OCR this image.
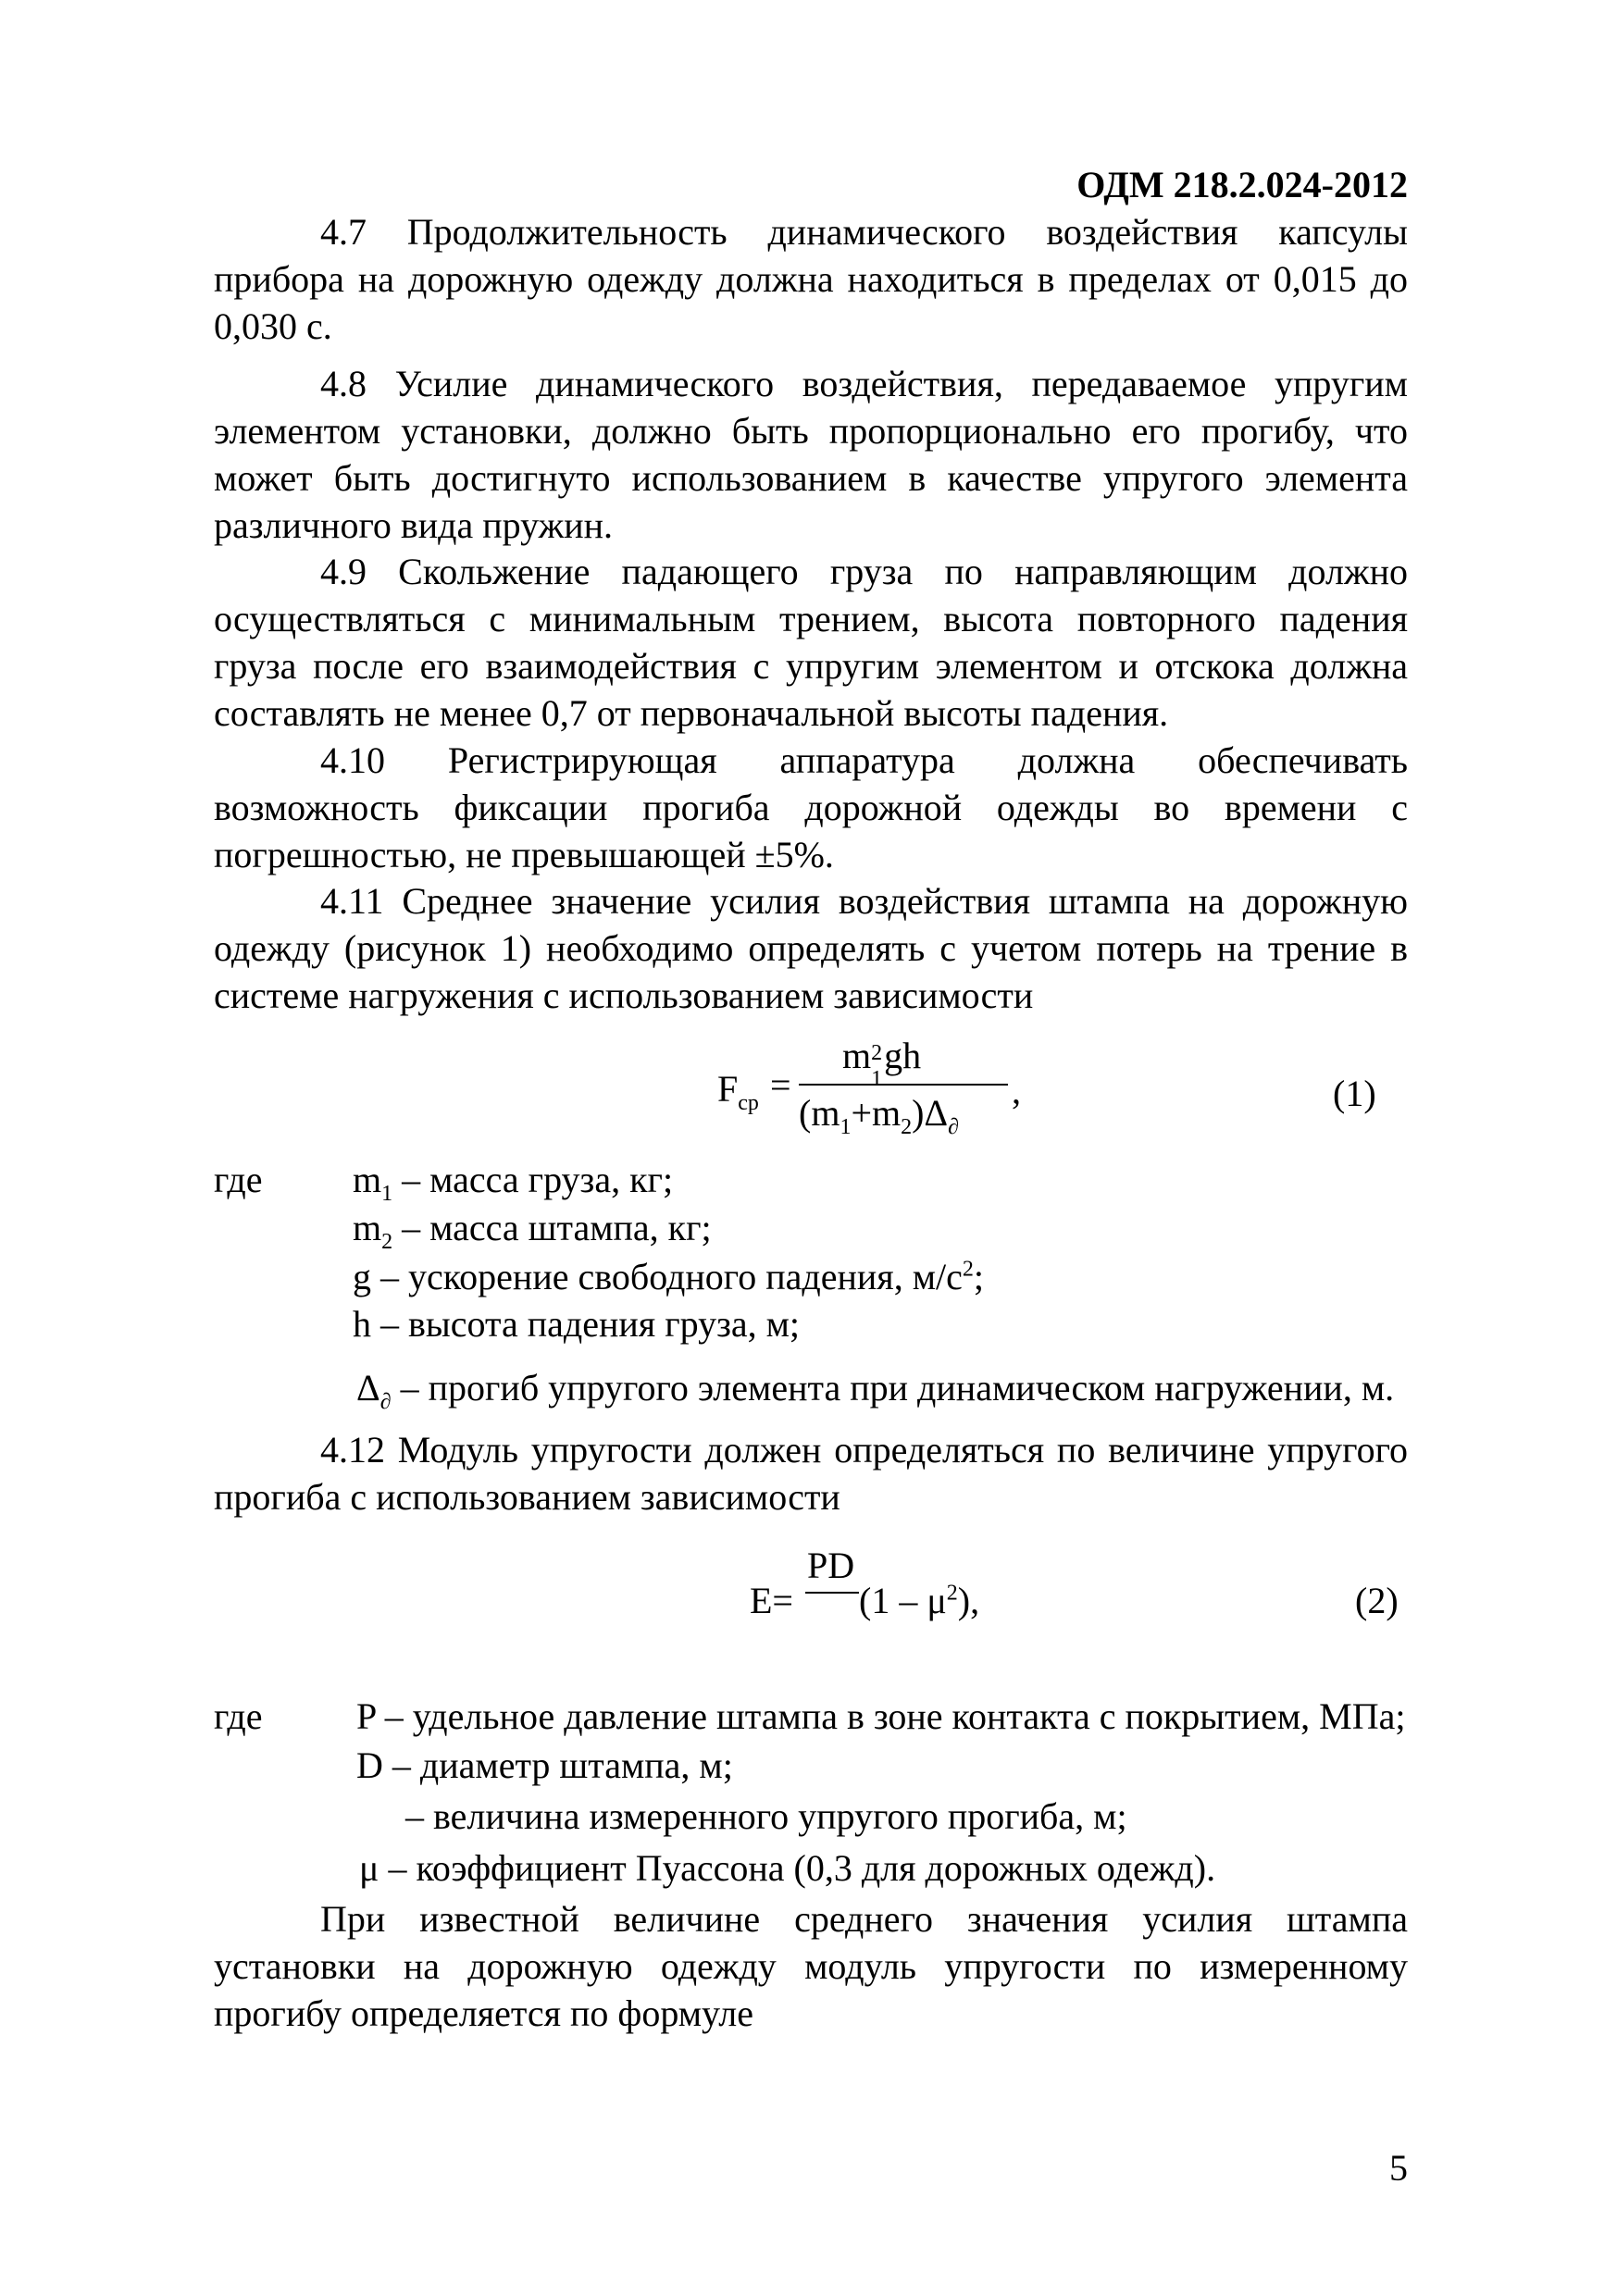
ОДМ 218.2.024-2012
4.7 Продолжительность динамического воздействия капсулы
прибора на дорожную одежду должна находиться в пределах от 0,015 до
0,030 с.
4.8 Усилие динамического воздействия, передаваемое упругим
элементом установки, должно быть пропорционально его прогибу, что
может быть достигнуто использованием в качестве упругого элемента
различного вида пружин.
4.9 Скольжение падающего груза по направляющим должно
осуществляться с минимальным трением, высота повторного падения
груза после его взаимодействия с упругим элементом и отскока должна
составлять не менее 0,7 от первоначальной высоты падения.
4.10 Регистрирующая аппаратура должна обеспечивать
возможность фиксации прогиба дорожной одежды во времени с
погрешностью, не превышающей ±5%.
4.11 Среднее значение усилия воздействия штампа на дорожную
одежду (рисунок 1) необходимо определять с учетом потерь на трение в
системе нагружения с использованием зависимости
$F_{ср}$ =
m 2
1
gh
$(m_1+m_2)\Delta_\partial$
,	(1)
где $m_1$ – масса груза, кг;
$m_2$ – масса штампа, кг;
g – ускорение свободного падения, $м/с^2$;
h – высота падения груза, м;
$\Delta_\partial$ – прогиб упругого элемента при динамическом нагружении, м.
4.12 Модуль упругости должен определяться по величине упругого
прогиба с использованием зависимости
E=
PD
$(1 - \mu^2)$,	(2)
где	P – удельное давление штампа в зоне контакта с покрытием, МПа;
D – диаметр штампа, м;
– величина измеренного упругого прогиба, м;
μ – коэффициент Пуассона (0,3 для дорожных одежд).
При известной величине среднего значения усилия штампа
установки на дорожную одежду модуль упругости по измеренному
прогибу определяется по формуле
5
